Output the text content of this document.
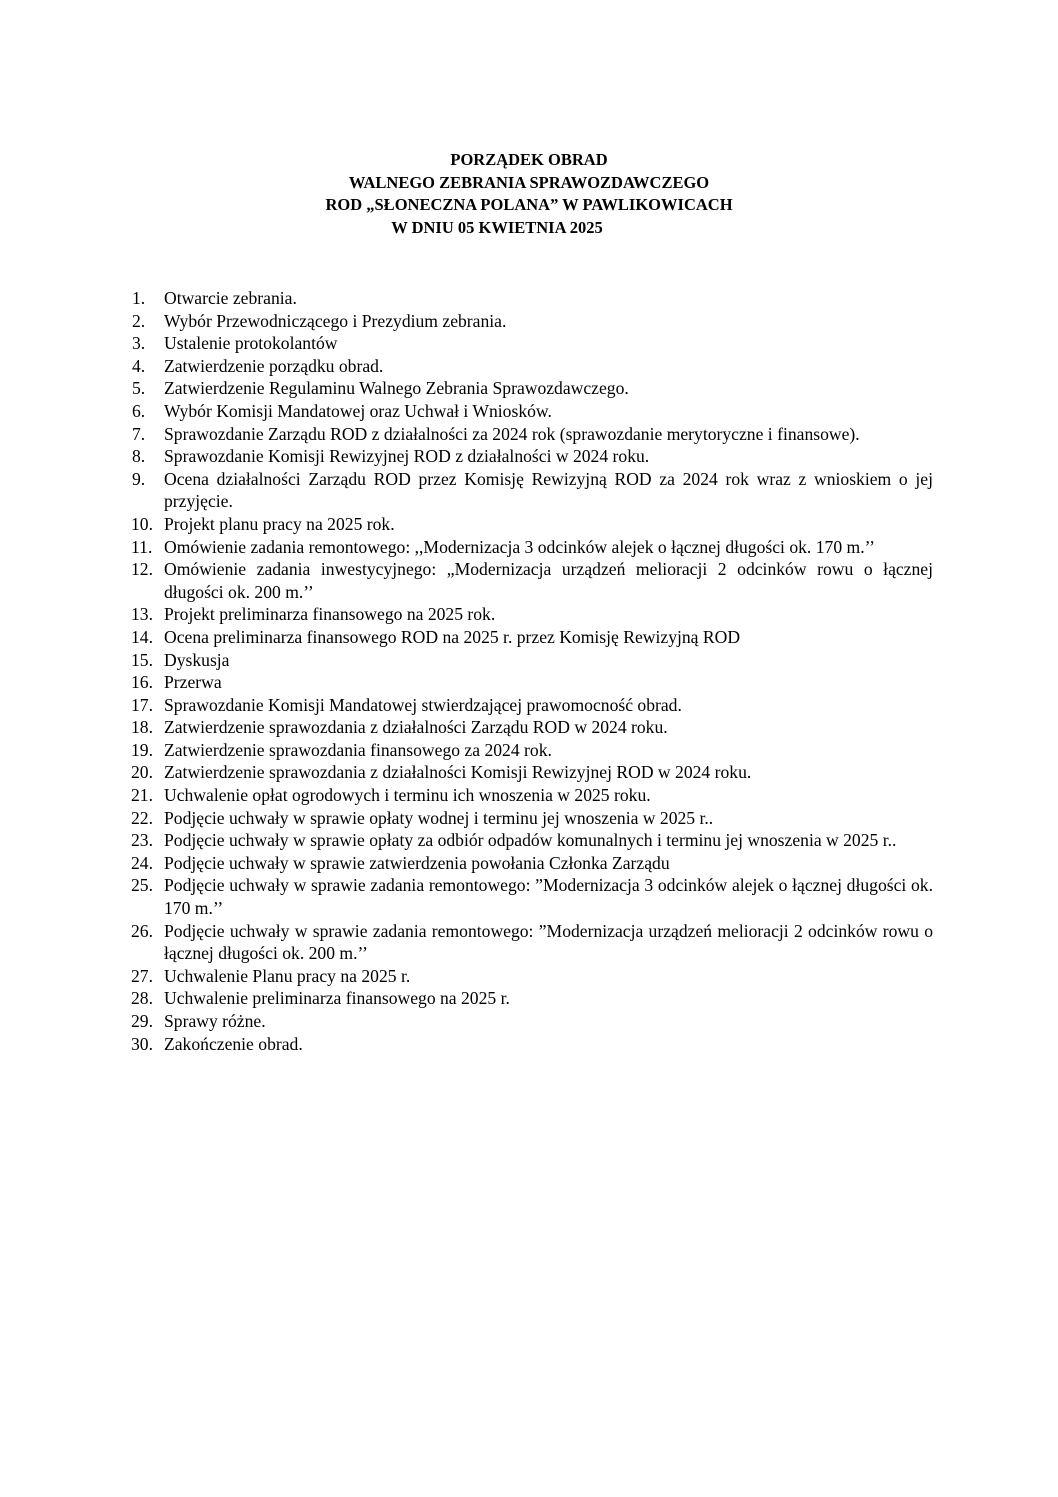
PORZĄDEK OBRAD
WALNEGO ZEBRANIA SPRAWOZDAWCZEGO
ROD „SŁONECZNA POLANA” W PAWLIKOWICACH
W DNIU 05 KWIETNIA 2025
1. Otwarcie zebrania.
2. Wybór Przewodniczącego i Prezydium zebrania.
3. Ustalenie protokolantów
4. Zatwierdzenie porządku obrad.
5. Zatwierdzenie Regulaminu Walnego Zebrania Sprawozdawczego.
6. Wybór Komisji Mandatowej oraz Uchwał i Wniosków.
7. Sprawozdanie Zarządu ROD z działalności za 2024 rok (sprawozdanie merytoryczne i finansowe).
8. Sprawozdanie Komisji Rewizyjnej ROD z działalności w 2024 roku.
9. Ocena działalności Zarządu ROD przez Komisję Rewizyjną ROD za 2024 rok wraz z wnioskiem o jej przyjęcie.
10. Projekt planu pracy na 2025 rok.
11. Omówienie zadania remontowego: ,,Modernizacja 3 odcinków alejek o łącznej długości ok. 170 m.’’
12. Omówienie zadania inwestycyjnego: „Modernizacja urządzeń melioracji 2 odcinków rowu o łącznej długości ok. 200 m.’’
13. Projekt preliminarza finansowego na 2025 rok.
14. Ocena preliminarza finansowego ROD na 2025 r. przez Komisję Rewizyjną ROD
15. Dyskusja
16. Przerwa
17. Sprawozdanie Komisji Mandatowej stwierdzającej prawomocność obrad.
18. Zatwierdzenie sprawozdania z działalności Zarządu ROD w 2024 roku.
19. Zatwierdzenie sprawozdania finansowego za 2024 rok.
20. Zatwierdzenie sprawozdania z działalności Komisji Rewizyjnej ROD w 2024 roku.
21. Uchwalenie opłat ogrodowych i terminu ich wnoszenia w 2025 roku.
22. Podjęcie uchwały w sprawie opłaty wodnej i terminu jej wnoszenia w 2025 r..
23. Podjęcie uchwały w sprawie opłaty za odbiór odpadów komunalnych i terminu jej wnoszenia w 2025 r..
24. Podjęcie uchwały w sprawie zatwierdzenia powołania Członka Zarządu
25. Podjęcie uchwały w sprawie zadania remontowego: ”Modernizacja 3 odcinków alejek o łącznej długości ok. 170 m.’’
26. Podjęcie uchwały w sprawie zadania remontowego: ”Modernizacja urządzeń melioracji 2 odcinków rowu o łącznej długości ok. 200 m.’’
27. Uchwalenie Planu pracy na 2025 r.
28. Uchwalenie preliminarza finansowego na 2025 r.
29. Sprawy różne.
30. Zakończenie obrad.
